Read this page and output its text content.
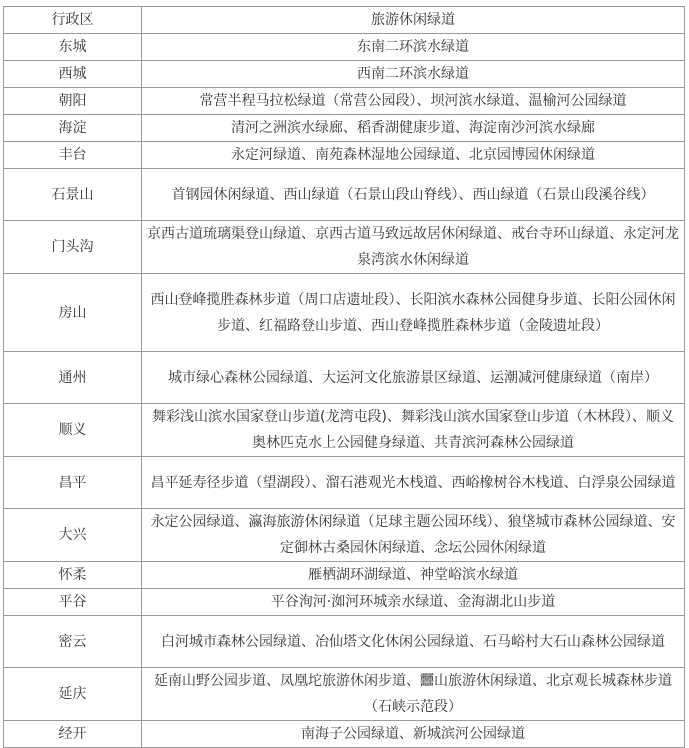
行政区	旅游休闲绿道
东城	东南二环滨水绿道
西城	西南二环滨水绿道
朝阳	常营半程马拉松绿道（常营公园段）、坝河滨水绿道、温榆河公园绿道
海淀	清河之洲滨水绿廊、稻香湖健康步道、海淀南沙河滨水绿廊
丰台	永定河绿道、南苑森林湿地公园绿道、北京园博园休闲绿道
石景山	首钢园休闲绿道、西山绿道（石景山段山脊线）、西山绿道（石景山段溪谷线）
门头沟	京西古道琉璃渠登山绿道、京西古道马致远故居休闲绿道、戒台寺环山绿道、永定河龙泉湾滨水休闲绿道
房山	西山登峰揽胜森林步道（周口店遗址段）、长阳滨水森林公园健身步道、长阳公园休闲步道、红福路登山步道、西山登峰揽胜森林步道（金陵遗址段）
通州	城市绿心森林公园绿道、大运河文化旅游景区绿道、运潮减河健康绿道（南岸）
顺义	舞彩浅山滨水国家登山步道(龙湾屯段)、舞彩浅山滨水国家登山步道（木林段）、顺义奥林匹克水上公园健身绿道、共青滨河森林公园绿道
昌平	昌平延寿径步道（望湖段）、溜石港观光木栈道、西峪橡树谷木栈道、白浮泉公园绿道
大兴	永定公园绿道、瀛海旅游休闲绿道（足球主题公园环线）、狼垡城市森林公园绿道、安定御林古桑园休闲绿道、念坛公园休闲绿道
怀柔	雁栖湖环湖绿道、神堂峪滨水绿道
平谷	平谷洵河·洳河环城亲水绿道、金海湖北山步道
密云	白河城市森林公园绿道、冶仙塔文化休闲公园绿道、石马峪村大石山森林公园绿道
延庆	延南山野公园步道、凤凰坨旅游休闲步道、䨻山旅游休闲绿道、北京观长城森林步道（石峡示范段）
经开	南海子公园绿道、新城滨河公园绿道
